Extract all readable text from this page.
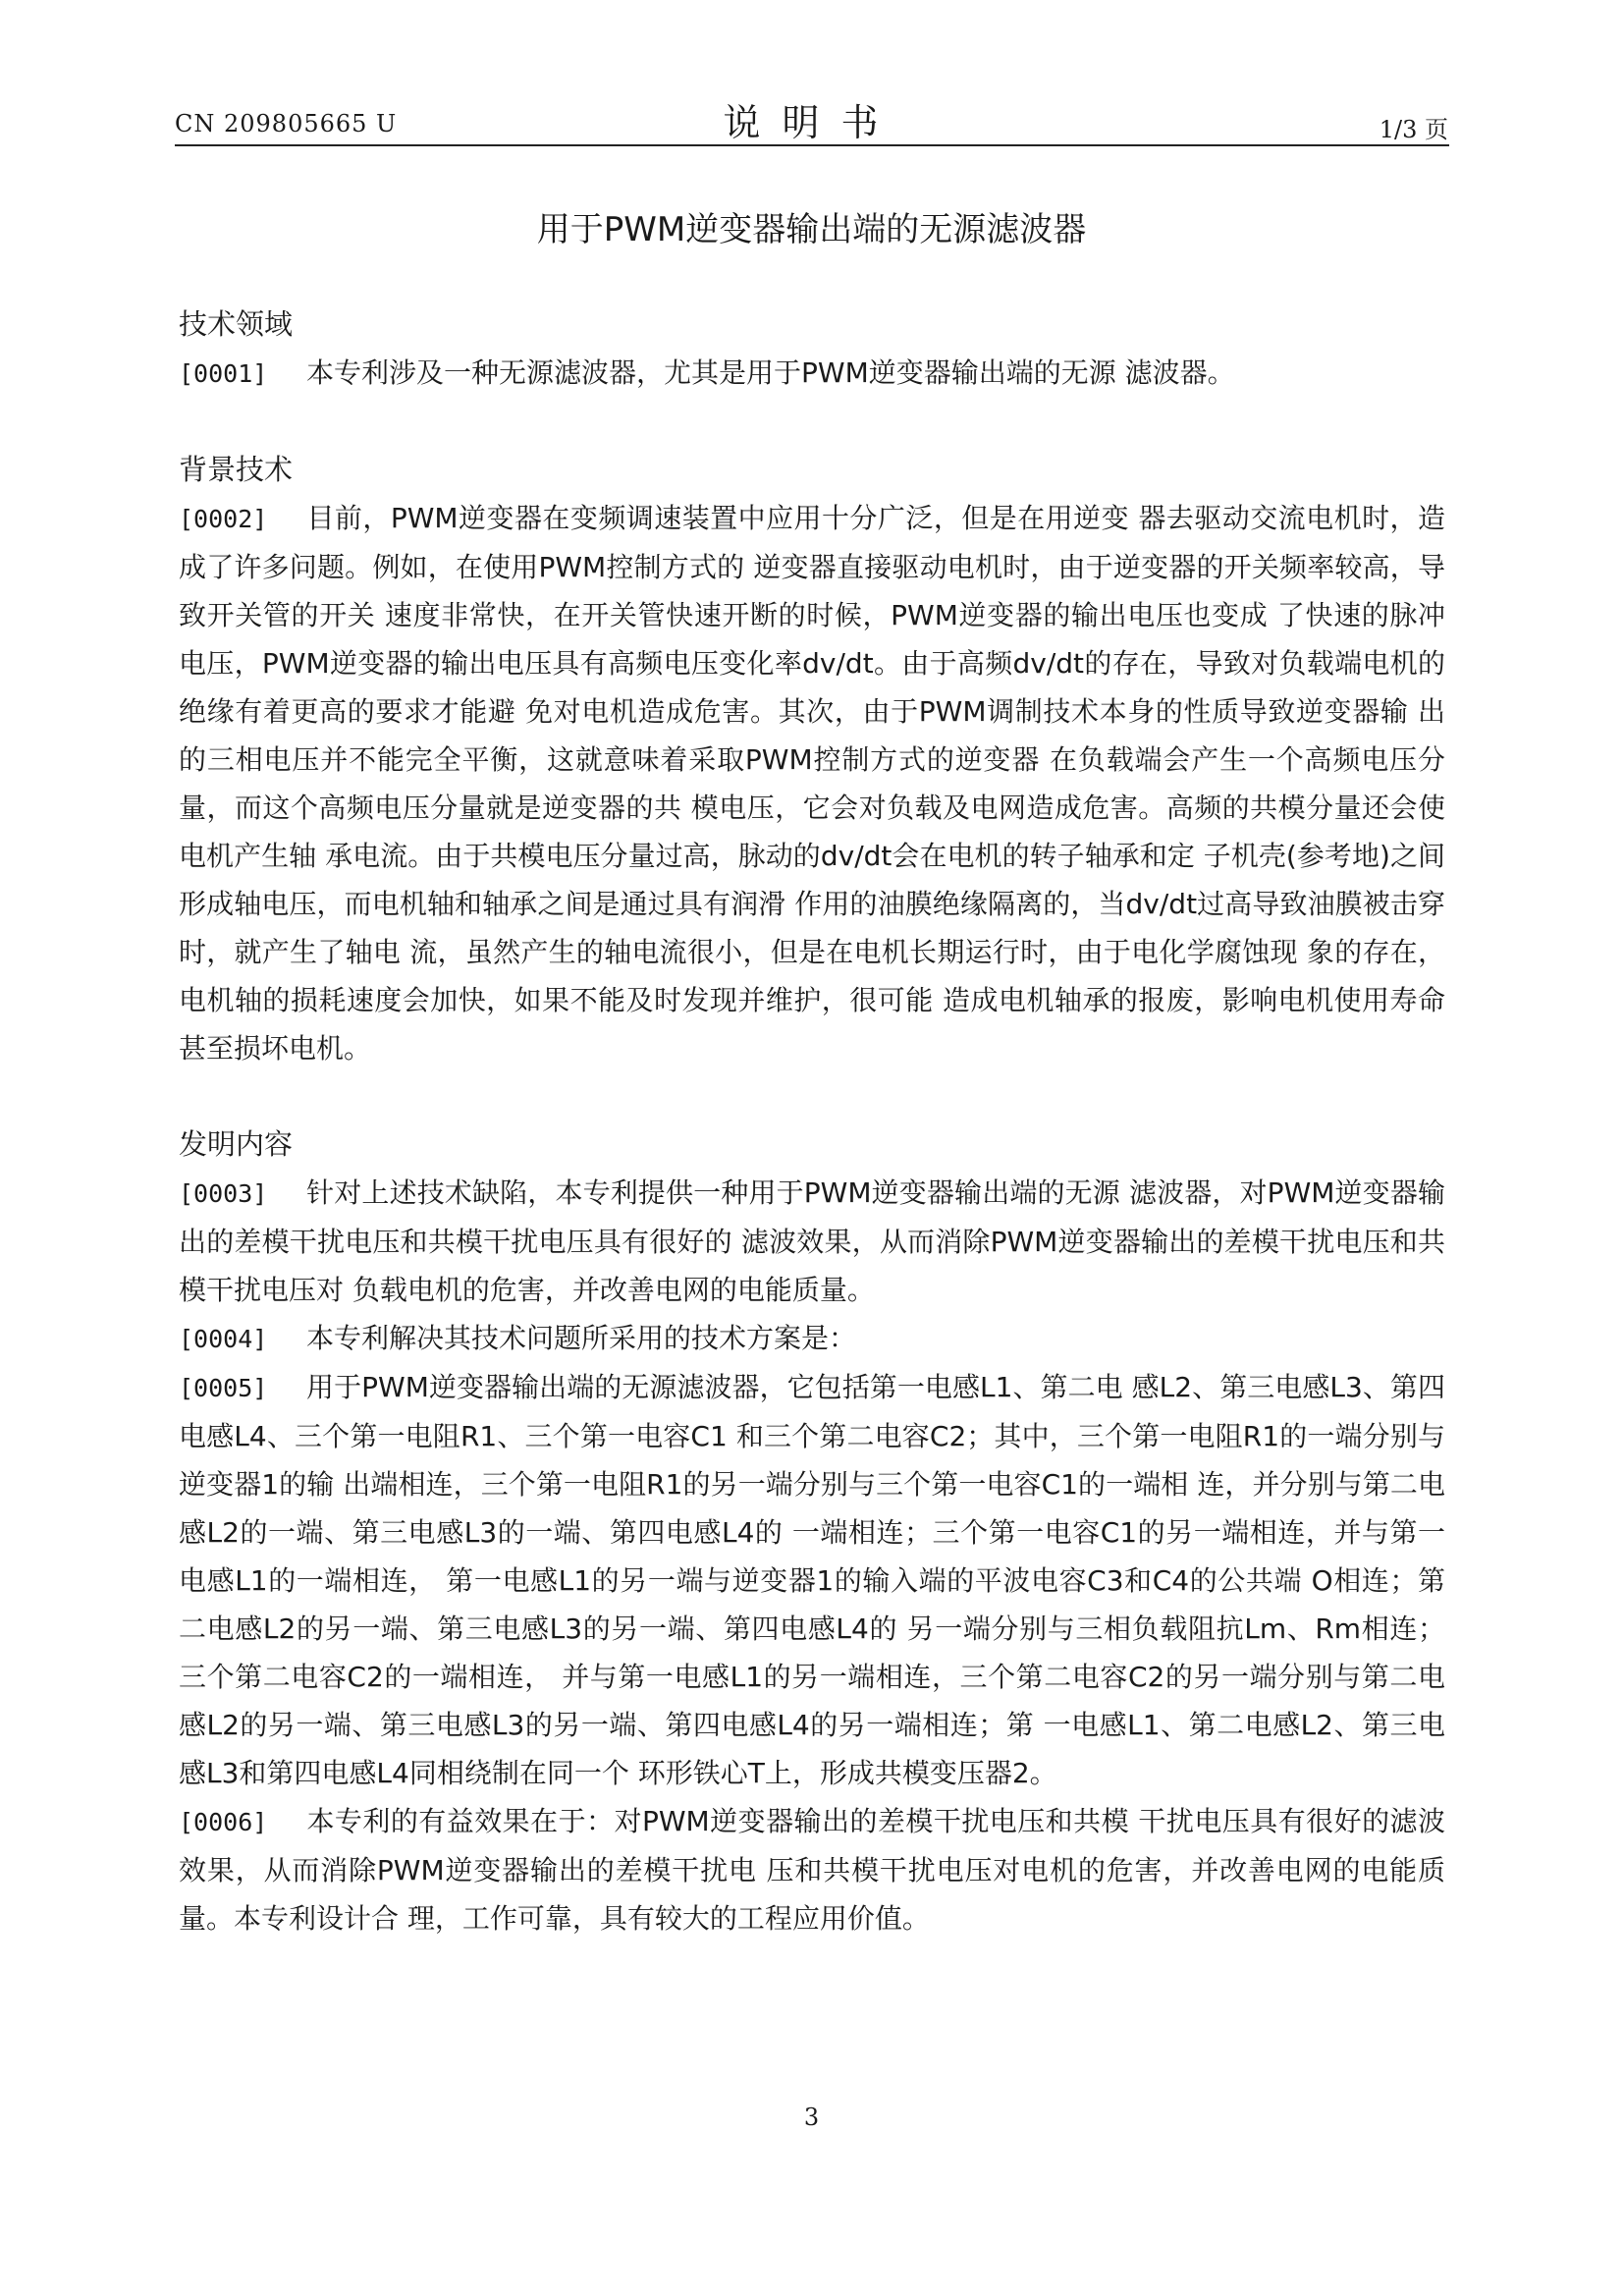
CN 209805665 U	说明书	1/3 页
用于PWM逆变器输出端的无源滤波器
技术领域

[0001] 本专利涉及一种无源滤波器，尤其是用于PWM逆变器输出端的无源 滤波器。

背景技术

[0002] 目前，PWM逆变器在变频调速装置中应用十分广泛，但是在用逆变 器去驱动交流电机时，造成了许多问题。例如，在使用PWM控制方式的 逆变器直接驱动电机时，由于逆变器的开关频率较高，导致开关管的开关 速度非常快，在开关管快速开断的时候，PWM逆变器的输出电压也变成 了快速的脉冲电压，PWM逆变器的输出电压具有高频电压变化率dv/dt。由于高频dv/dt的存在，导致对负载端电机的绝缘有着更高的要求才能避 免对电机造成危害。其次，由于PWM调制技术本身的性质导致逆变器输 出的三相电压并不能完全平衡，这就意味着采取PWM控制方式的逆变器 在负载端会产生一个高频电压分量，而这个高频电压分量就是逆变器的共 模电压，它会对负载及电网造成危害。高频的共模分量还会使电机产生轴 承电流。由于共模电压分量过高，脉动的dv/dt会在电机的转子轴承和定 子机壳(参考地)之间形成轴电压，而电机轴和轴承之间是通过具有润滑 作用的油膜绝缘隔离的，当dv/dt过高导致油膜被击穿时，就产生了轴电 流，虽然产生的轴电流很小，但是在电机长期运行时，由于电化学腐蚀现 象的存在，电机轴的损耗速度会加快，如果不能及时发现并维护，很可能 造成电机轴承的报废，影响电机使用寿命甚至损坏电机。

发明内容

[0003] 针对上述技术缺陷，本专利提供一种用于PWM逆变器输出端的无源 滤波器，对PWM逆变器输出的差模干扰电压和共模干扰电压具有很好的 滤波效果，从而消除PWM逆变器输出的差模干扰电压和共模干扰电压对 负载电机的危害，并改善电网的电能质量。

[0004] 本专利解决其技术问题所采用的技术方案是：

[0005] 用于PWM逆变器输出端的无源滤波器，它包括第一电感L1、第二电 感L2、第三电感L3、第四电感L4、三个第一电阻R1、三个第一电容C1 和三个第二电容C2；其中，三个第一电阻R1的一端分别与逆变器1的输 出端相连，三个第一电阻R1的另一端分别与三个第一电容C1的一端相 连，并分别与第二电感L2的一端、第三电感L3的一端、第四电感L4的 一端相连；三个第一电容C1的另一端相连，并与第一电感L1的一端相连， 第一电感L1的另一端与逆变器1的输入端的平波电容C3和C4的公共端 O相连；第二电感L2的另一端、第三电感L3的另一端、第四电感L4的 另一端分别与三相负载阻抗Lm、Rm相连；三个第二电容C2的一端相连， 并与第一电感L1的另一端相连，三个第二电容C2的另一端分别与第二电 感L2的另一端、第三电感L3的另一端、第四电感L4的另一端相连；第 一电感L1、第二电感L2、第三电感L3和第四电感L4同相绕制在同一个 环形铁心T上，形成共模变压器2。

[0006] 本专利的有益效果在于：对PWM逆变器输出的差模干扰电压和共模 干扰电压具有很好的滤波效果，从而消除PWM逆变器输出的差模干扰电 压和共模干扰电压对电机的危害，并改善电网的电能质量。本专利设计合 理，工作可靠，具有较大的工程应用价值。

3
